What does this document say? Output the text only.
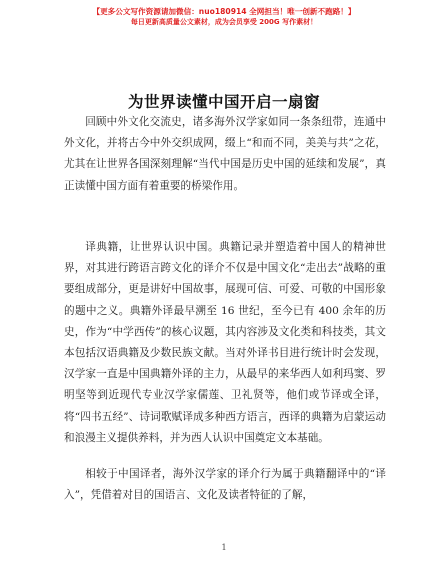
【更多公文写作资源请加微信：nuo180914 全网担当！唯一创新不跑路！】
每日更新高质量公文素材，成为会员享受 200G 写作素材！
为世界读懂中国开启一扇窗

回顾中外文化交流史，诸多海外汉学家如同一条条纽带，连通中外文化，并将古今中外交织成网，缀上“和而不同，美美与共”之花，尤其在让世界各国深刻理解“当代中国是历史中国的延续和发展”，真正读懂中国方面有着重要的桥梁作用。

译典籍，让世界认识中国。典籍记录并塑造着中国人的精神世界，对其进行跨语言跨文化的译介不仅是中国文化“走出去”战略的重要组成部分，更是讲好中国故事，展现可信、可爱、可敬的中国形象的题中之义。典籍外译最早溯至 16 世纪，至今已有 400 余年的历史，作为“中学西传”的核心议题，其内容涉及文化类和科技类，其文本包括汉语典籍及少数民族文献。当对外译书目进行统计时会发现，汉学家一直是中国典籍外译的主力，从最早的来华西人如利玛窦、罗明坚等到近现代专业汉学家儒莲、卫礼贤等，他们或节译或全译，将“四书五经”、诗词歌赋译成多种西方语言，西译的典籍为启蒙运动和浪漫主义提供养料，并为西人认识中国奠定文本基础。

相较于中国译者，海外汉学家的译介行为属于典籍翻译中的“译入”，凭借着对目的国语言、文化及读者特征的了解，

1
